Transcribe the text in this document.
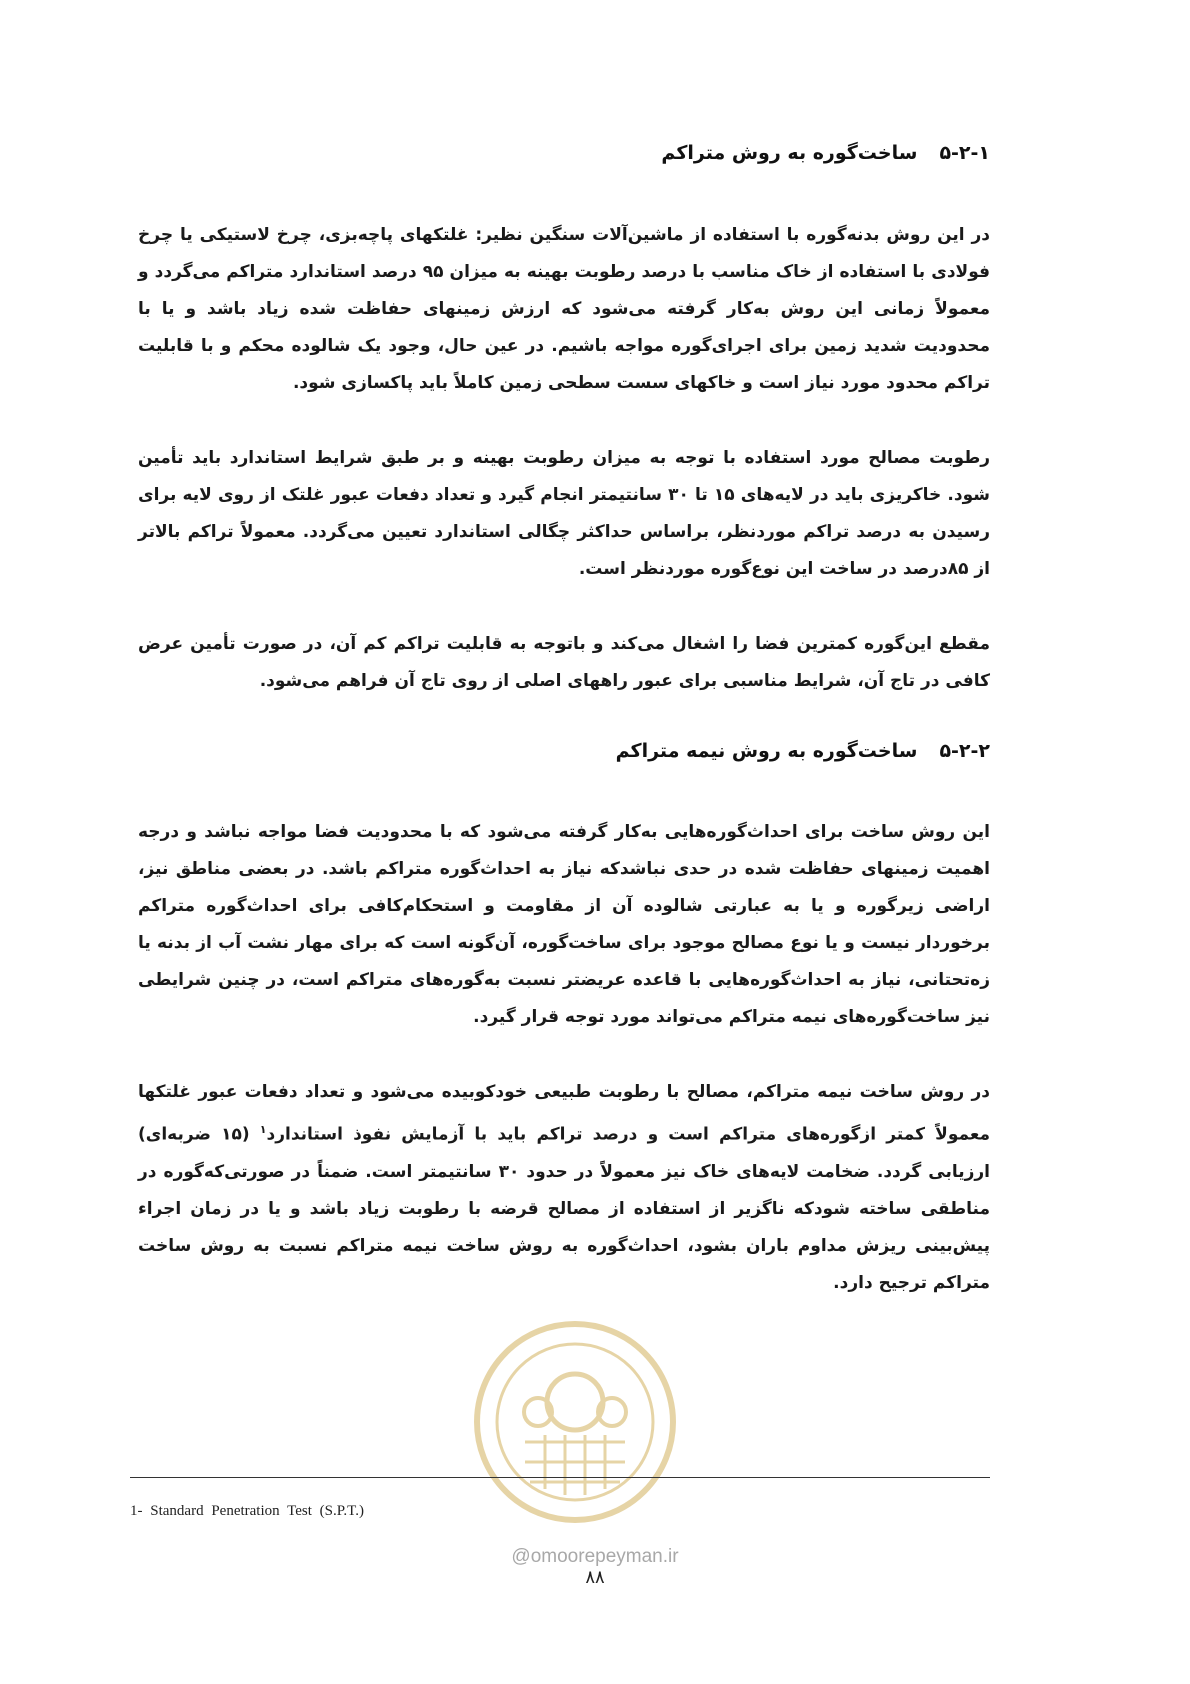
۵-۲-۱ساخت‌گوره به روش متراکم

در این روش بدنه‌گوره با استفاده از ماشین‌آلات سنگین نظیر: غلتکهای پاچه‌بزی، چرخ لاستیکی یا چرخ فولادی با استفاده از خاک مناسب با درصد رطوبت بهینه به میزان ۹۵ درصد استاندارد متراکم می‌گردد و معمولاً زمانی این روش به‌کار گرفته می‌شود که ارزش زمینهای حفاظت شده زیاد باشد و یا با محدودیت شدید زمین برای اجرای‌گوره مواجه باشیم. در عین حال، وجود یک شالوده محکم و با قابلیت تراکم محدود مورد نیاز است و خاکهای سست سطحی زمین کاملاً باید پاکسازی شود.

رطوبت مصالح مورد استفاده با توجه به میزان رطوبت بهینه و بر طبق شرایط استاندارد باید تأمین شود. خاکریزی باید در لایه‌های ۱۵ تا ۳۰ سانتیمتر انجام گیرد و تعداد دفعات عبور غلتک از روی لایه برای رسیدن به درصد تراکم موردنظر، براساس حداکثر چگالی استاندارد تعیین می‌گردد. معمولاً تراکم بالاتر از ۸۵درصد در ساخت این نوع‌گوره موردنظر است.

مقطع این‌گوره کمترین فضا را اشغال می‌کند و باتوجه به قابلیت تراکم کم آن، در صورت تأمین عرض کافی در تاج آن، شرایط مناسبی برای عبور راههای اصلی از روی تاج آن فراهم می‌شود.

۵-۲-۲ساخت‌گوره به روش نیمه متراکم

این روش ساخت برای احداث‌گوره‌هایی به‌کار گرفته می‌شود که با محدودیت فضا مواجه نباشد و درجه اهمیت زمینهای حفاظت شده در حدی نباشدکه نیاز به احداث‌گوره متراکم باشد. در بعضی مناطق نیز، اراضی زیرگوره و یا به عبارتی شالوده آن از مقاومت و استحکام‌کافی برای احداث‌گوره متراکم برخوردار نیست و یا نوع مصالح موجود برای ساخت‌گوره، آن‌گونه است که برای مهار نشت آب از بدنه یا زه‌تحتانی، نیاز به احداث‌گوره‌هایی با قاعده عریضتر نسبت به‌گوره‌های متراکم است، در چنین شرایطی نیز ساخت‌گوره‌های نیمه متراکم می‌تواند مورد توجه قرار گیرد.

در روش ساخت نیمه متراکم، مصالح با رطوبت طبیعی خودکوبیده می‌شود و تعداد دفعات عبور غلتکها معمولاً کمتر ازگوره‌های متراکم است و درصد تراکم باید با آزمایش نفوذ استاندارد$^۱$ (۱۵ ضربه‌ای) ارزیابی گردد. ضخامت لایه‌های خاک نیز معمولاً در حدود ۳۰ سانتیمتر است. ضمناً در صورتی‌که‌گوره در مناطقی ساخته شودکه ناگزیر از استفاده از مصالح قرضه با رطوبت زیاد باشد و یا در زمان اجراء پیش‌بینی ریزش مداوم باران بشود، احداث‌گوره به روش ساخت نیمه متراکم نسبت به روش ساخت متراکم ترجیح دارد.

1- Standard Penetration Test (S.P.T.)
@omoorepeyman.ir
۸۸
